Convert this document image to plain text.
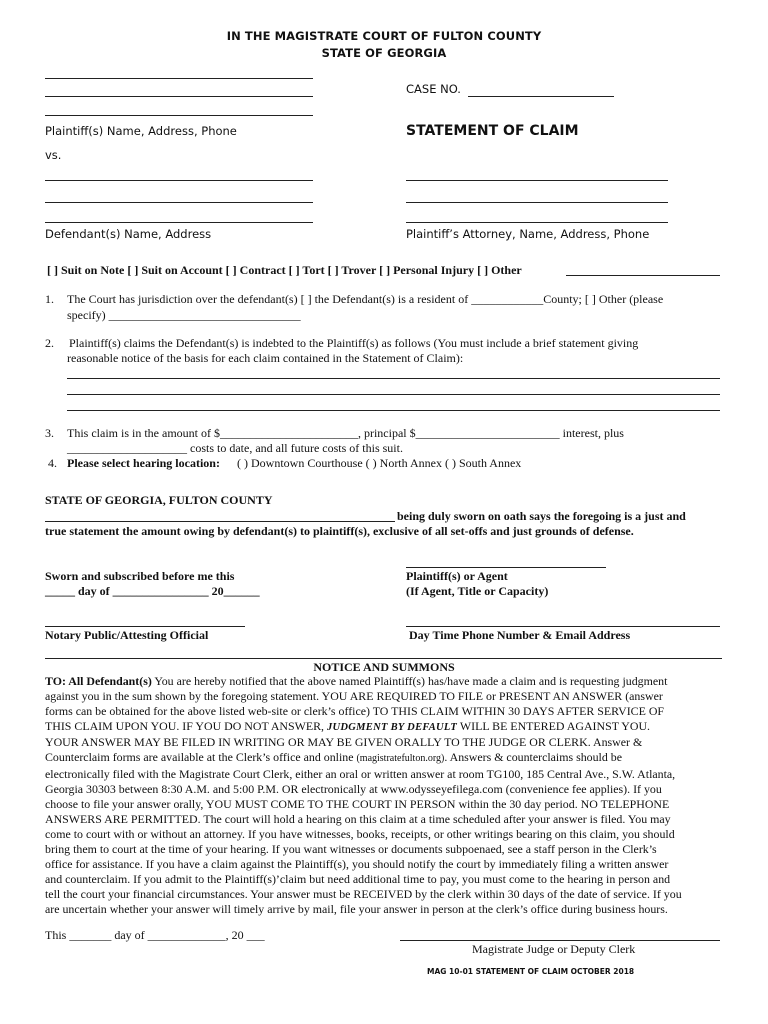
IN THE MAGISTRATE COURT OF FULTON COUNTY
STATE OF GEORGIA
Plaintiff(s) Name, Address, Phone
vs.
CASE NO.
STATEMENT OF CLAIM
Defendant(s) Name, Address	Plaintiff’s Attorney, Name, Address, Phone
[ ] Suit on Note [ ] Suit on Account [ ] Contract [ ] Tort [ ] Trover [ ] Personal Injury [ ] Other
1. The Court has jurisdiction over the defendant(s) [ ] the Defendant(s) is a resident of ____________County; [ ] Other (please
specify) ________________________________
2. Plaintiff(s) claims the Defendant(s) is indebted to the Plaintiff(s) as follows (You must include a brief statement giving
reasonable notice of the basis for each claim contained in the Statement of Claim):
3. This claim is in the amount of $_______________________, principal $________________________ interest, plus
____________________ costs to date, and all future costs of this suit.
4. Please select hearing location: ( ) Downtown Courthouse ( ) North Annex ( ) South Annex
STATE OF GEORGIA, FULTON COUNTY
being duly sworn on oath says the foregoing is a just and
true statement the amount owing by defendant(s) to plaintiff(s), exclusive of all set-offs and just grounds of defense.
Sworn and subscribed before me this
_____ day of ________________ 20______
Plaintiff(s) or Agent
(If Agent, Title or Capacity)
Notary Public/Attesting Official	Day Time Phone Number & Email Address
NOTICE AND SUMMONS
TO: All Defendant(s) You are hereby notified that the above named Plaintiff(s) has/have made a claim and is requesting judgment
against you in the sum shown by the foregoing statement. YOU ARE REQUIRED TO FILE or PRESENT AN ANSWER (answer
forms can be obtained for the above listed web-site or clerk’s office) TO THIS CLAIM WITHIN 30 DAYS AFTER SERVICE OF
THIS CLAIM UPON YOU. IF YOU DO NOT ANSWER, JUDGMENT BY DEFAULT WILL BE ENTERED AGAINST YOU.
YOUR ANSWER MAY BE FILED IN WRITING OR MAY BE GIVEN ORALLY TO THE JUDGE OR CLERK. Answer &
Counterclaim forms are available at the Clerk’s office and online (magistratefulton.org). Answers & counterclaims should be
electronically filed with the Magistrate Court Clerk, either an oral or written answer at room TG100, 185 Central Ave., S.W. Atlanta,
Georgia 30303 between 8:30 A.M. and 5:00 P.M. OR electronically at www.odysseyefilega.com (convenience fee applies). If you
choose to file your answer orally, YOU MUST COME TO THE COURT IN PERSON within the 30 day period. NO TELEPHONE
ANSWERS ARE PERMITTED. The court will hold a hearing on this claim at a time scheduled after your answer is filed. You may
come to court with or without an attorney. If you have witnesses, books, receipts, or other writings bearing on this claim, you should
bring them to court at the time of your hearing. If you want witnesses or documents subpoenaed, see a staff person in the Clerk’s
office for assistance. If you have a claim against the Plaintiff(s), you should notify the court by immediately filing a written answer
and counterclaim. If you admit to the Plaintiff(s)’claim but need additional time to pay, you must come to the hearing in person and
tell the court your financial circumstances. Your answer must be RECEIVED by the clerk within 30 days of the date of service. If you
are uncertain whether your answer will timely arrive by mail, file your answer in person at the clerk’s office during business hours.
This _______ day of _____________, 20 ___
Magistrate Judge or Deputy Clerk
MAG 10-01 STATEMENT OF CLAIM OCTOBER 2018
